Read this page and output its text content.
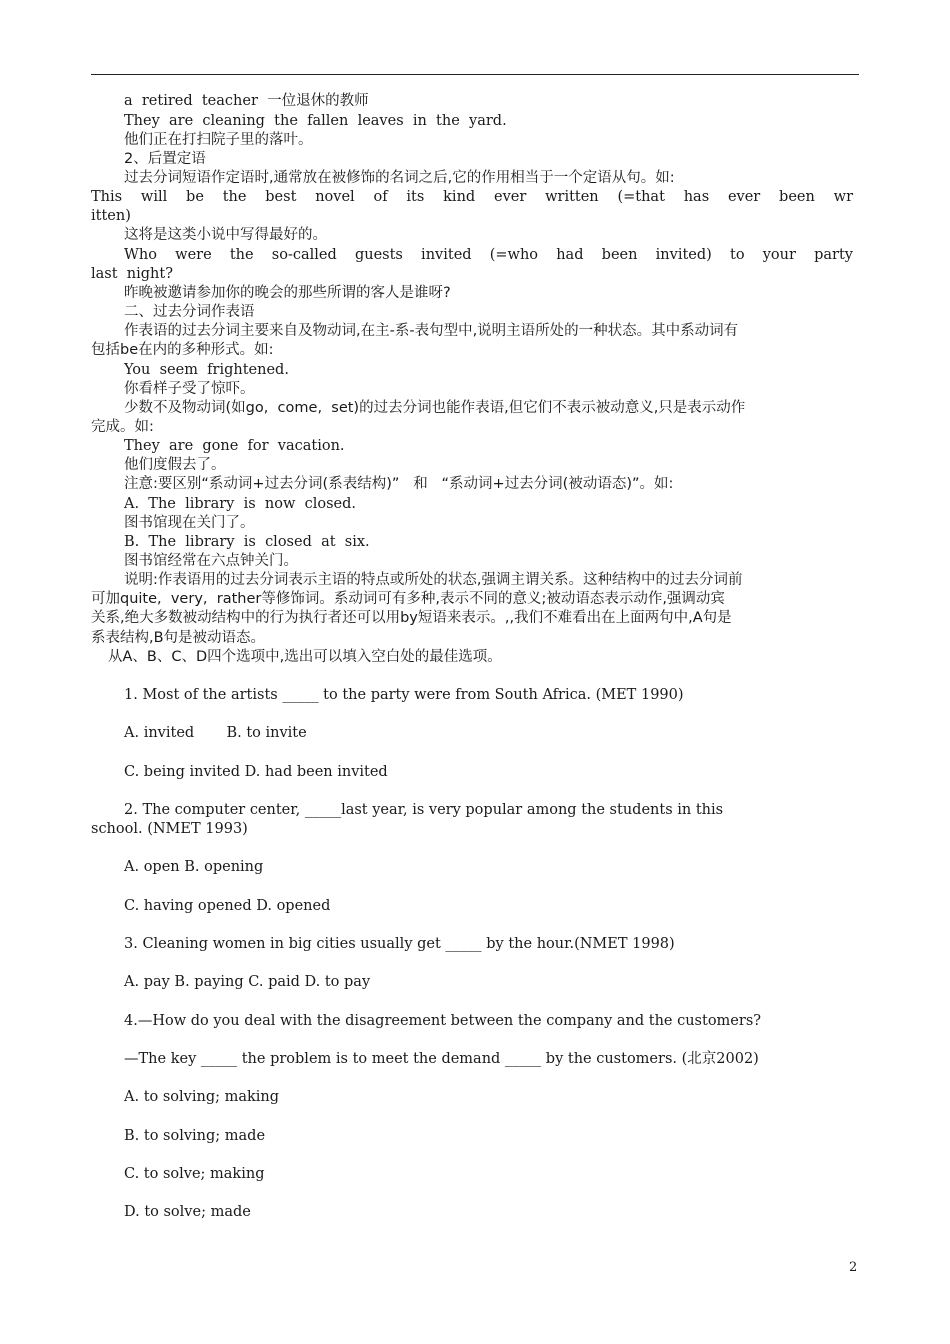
a  retired  teacher  一位退休的教师
They  are  cleaning  the  fallen  leaves  in  the  yard.
他们正在打扫院子里的落叶。
2、后置定语
过去分词短语作定语时,通常放在被修饰的名词之后,它的作用相当于一个定语从句。如:
This will be the best novel of its kind ever written (=that has ever been wr
itten)
这将是这类小说中写得最好的。
Who were the so-called guests invited (=who had been invited) to your party
last  night?
昨晚被邀请参加你的晚会的那些所谓的客人是谁呀?
二、过去分词作表语
作表语的过去分词主要来自及物动词,在主-系-表句型中,说明主语所处的一种状态。其中系动词有
包括be在内的多种形式。如:
You  seem  frightened.
你看样子受了惊吓。
少数不及物动词(如go,  come,  set)的过去分词也能作表语,但它们不表示被动意义,只是表示动作
完成。如:
They  are  gone  for  vacation.
他们度假去了。
注意:要区别“系动词+过去分词(系表结构)”   和   “系动词+过去分词(被动语态)”。如:
A.  The  library  is  now  closed.
图书馆现在关门了。
B.  The  library  is  closed  at  six.
图书馆经常在六点钟关门。
说明:作表语用的过去分词表示主语的特点或所处的状态,强调主谓关系。这种结构中的过去分词前
可加quite,  very,  rather等修饰词。系动词可有多种,表示不同的意义;被动语态表示动作,强调动宾
关系,绝大多数被动结构中的行为执行者还可以用by短语来表示。,,我们不难看出在上面两句中,A句是
系表结构,B句是被动语态。
从A、B、C、D四个选项中,选出可以填入空白处的最佳选项。
1. Most of the artists _____ to the party were from South Africa. (MET 1990)
A. invited       B. to invite
C. being invited D. had been invited
2. The computer center, _____last year, is very popular among the students in this
school. (NMET 1993)
A. open B. opening
C. having opened D. opened
3. Cleaning women in big cities usually get _____ by the hour.(NMET 1998)
A. pay B. paying C. paid D. to pay
4.—How do you deal with the disagreement between the company and the customers?
—The key _____ the problem is to meet the demand _____ by the customers. (北京2002)
A. to solving; making
B. to solving; made
C. to solve; making
D. to solve; made
2
